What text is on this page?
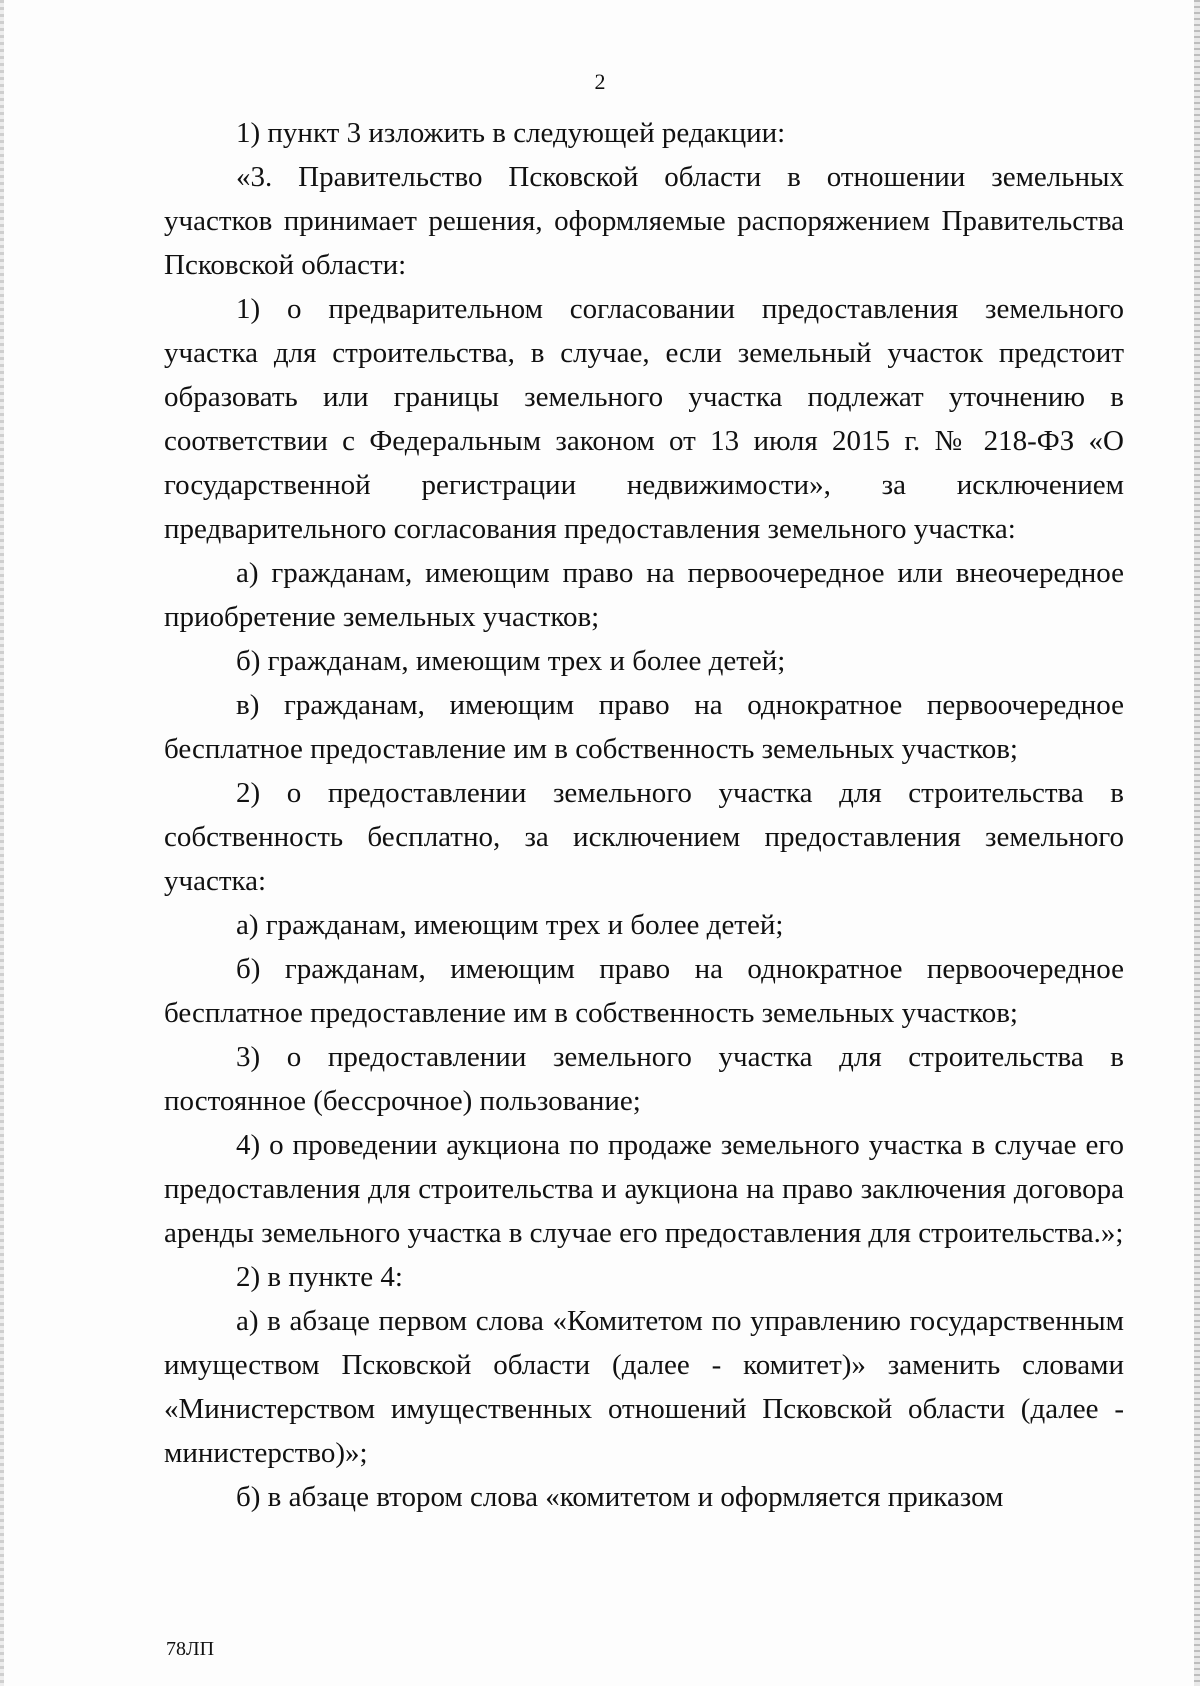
2

1) пункт 3 изложить в следующей редакции:

«3. Правительство Псковской области в отношении земельных участков принимает решения, оформляемые распоряжением Правительства Псковской области:

1) о предварительном согласовании предоставления земельного участка для строительства, в случае, если земельный участок предстоит образовать или границы земельного участка подлежат уточнению в соответствии с Федеральным законом от 13 июля 2015 г. № 218-ФЗ «О государственной регистрации недвижимости», за исключением предварительного согласования предоставления земельного участка:

а) гражданам, имеющим право на первоочередное или внеочередное приобретение земельных участков;

б) гражданам, имеющим трех и более детей;

в) гражданам, имеющим право на однократное первоочередное бесплатное предоставление им в собственность земельных участков;

2) о предоставлении земельного участка для строительства в собственность бесплатно, за исключением предоставления земельного участка:

а) гражданам, имеющим трех и более детей;

б) гражданам, имеющим право на однократное первоочередное бесплатное предоставление им в собственность земельных участков;

3) о предоставлении земельного участка для строительства в постоянное (бессрочное) пользование;

4) о проведении аукциона по продаже земельного участка в случае его предоставления для строительства и аукциона на право заключения договора аренды земельного участка в случае его предоставления для строительства.»;

2) в пункте 4:

а) в абзаце первом слова «Комитетом по управлению государственным имуществом Псковской области (далее - комитет)» заменить словами «Министерством имущественных отношений Псковской области (далее - министерство)»;

б) в абзаце втором слова «комитетом и оформляется приказом

78ЛП
